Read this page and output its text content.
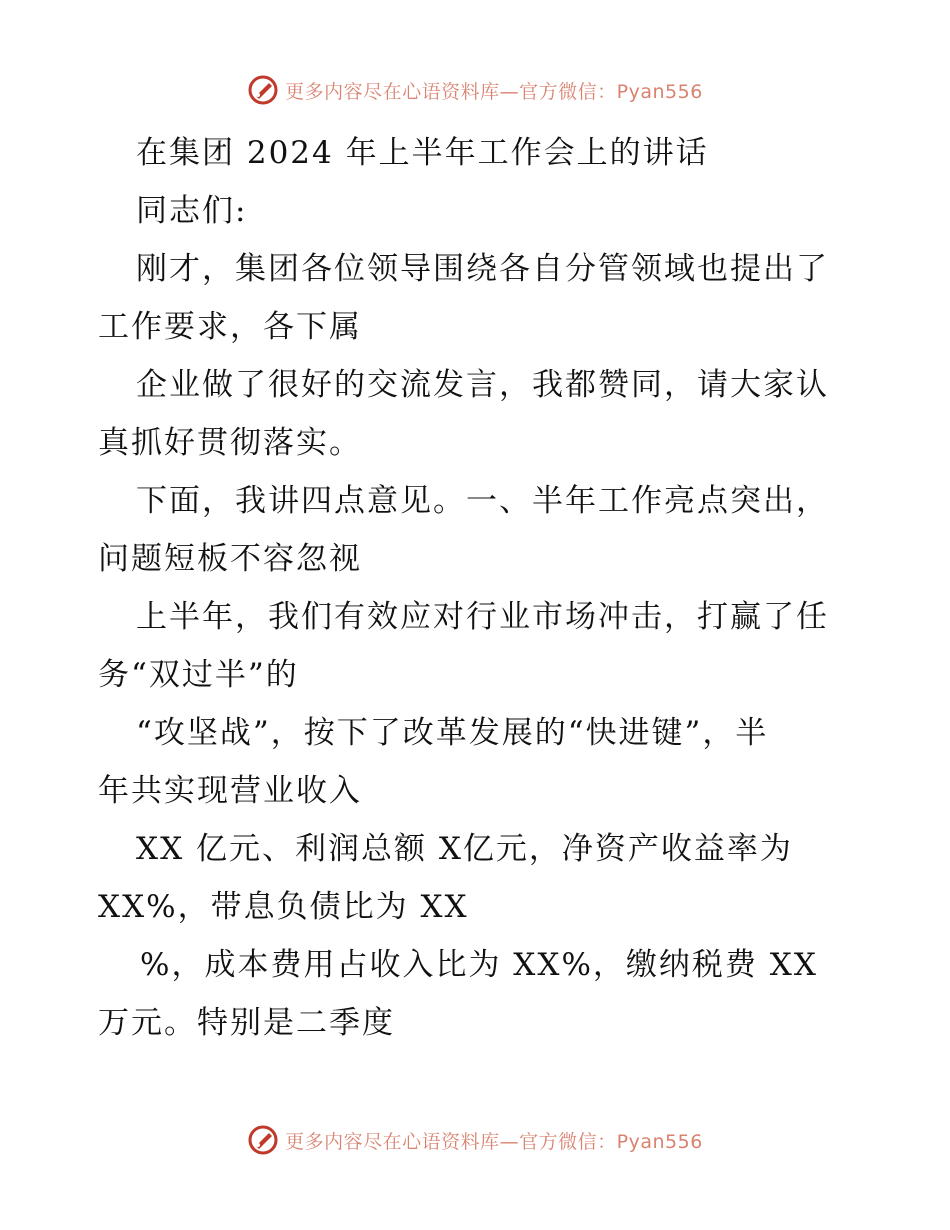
更多内容尽在心语资料库—官方微信：Pyan556
在集团 2024 年上半年工作会上的讲话
同志们:
刚才，集团各位领导围绕各自分管领域也提出了
工作要求，各下属
企业做了很好的交流发言，我都赞同，请大家认
真抓好贯彻落实。
下面，我讲四点意见。一、半年工作亮点突出，
问题短板不容忽视
上半年，我们有效应对行业市场冲击，打赢了任
务“双过半”的
“攻坚战”，按下了改革发展的“快进键”，半
年共实现营业收入
XX 亿元、利润总额 X亿元，净资产收益率为
XX%，带息负债比为 XX
%，成本费用占收入比为 XX%，缴纳税费 XX
万元。特别是二季度
更多内容尽在心语资料库—官方微信：Pyan556
